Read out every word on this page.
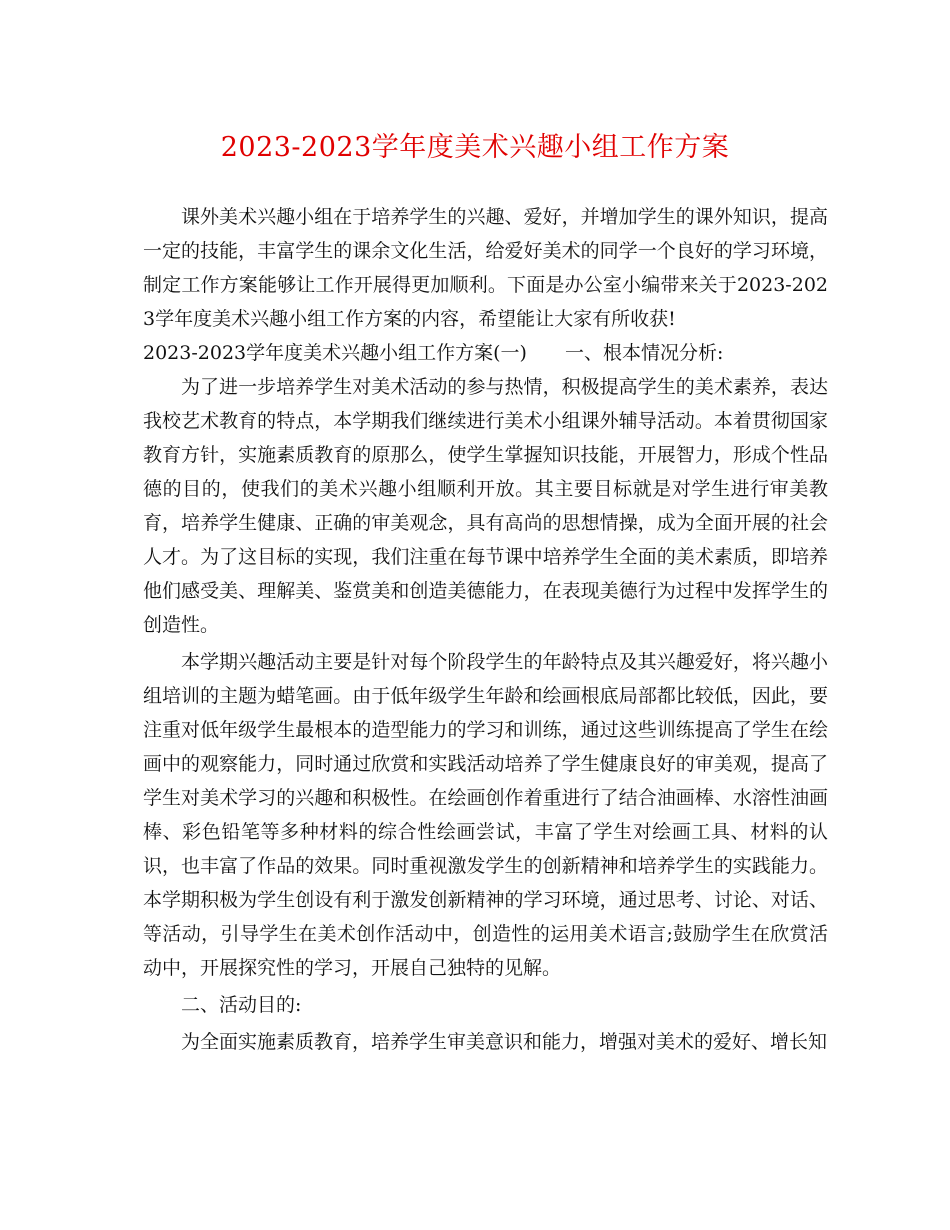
2023-2023学年度美术兴趣小组工作方案

课外美术兴趣小组在于培养学生的兴趣、爱好，并增加学生的课外知识，提高一定的技能，丰富学生的课余文化生活，给爱好美术的同学一个良好的学习环境，制定工作方案能够让工作开展得更加顺利。下面是办公室小编带来关于2023-2023学年度美术兴趣小组工作方案的内容，希望能让大家有所收获!

2023-2023学年度美术兴趣小组工作方案(一) 一、根本情况分析:

为了进一步培养学生对美术活动的参与热情，积极提高学生的美术素养，表达我校艺术教育的特点，本学期我们继续进行美术小组课外辅导活动。本着贯彻国家教育方针，实施素质教育的原那么，使学生掌握知识技能，开展智力，形成个性品德的目的，使我们的美术兴趣小组顺利开放。其主要目标就是对学生进行审美教育，培养学生健康、正确的审美观念，具有高尚的思想情操，成为全面开展的社会人才。为了这目标的实现，我们注重在每节课中培养学生全面的美术素质，即培养他们感受美、理解美、鉴赏美和创造美德能力，在表现美德行为过程中发挥学生的创造性。

本学期兴趣活动主要是针对每个阶段学生的年龄特点及其兴趣爱好，将兴趣小组培训的主题为蜡笔画。由于低年级学生年龄和绘画根底局部都比较低，因此，要注重对低年级学生最根本的造型能力的学习和训练，通过这些训练提高了学生在绘画中的观察能力，同时通过欣赏和实践活动培养了学生健康良好的审美观，提高了学生对美术学习的兴趣和积极性。在绘画创作着重进行了结合油画棒、水溶性油画棒、彩色铅笔等多种材料的综合性绘画尝试，丰富了学生对绘画工具、材料的认识，也丰富了作品的效果。同时重视激发学生的创新精神和培养学生的实践能力。本学期积极为学生创设有利于激发创新精神的学习环境，通过思考、讨论、对话、等活动，引导学生在美术创作活动中，创造性的运用美术语言;鼓励学生在欣赏活动中，开展探究性的学习，开展自己独特的见解。

二、活动目的:

为全面实施素质教育，培养学生审美意识和能力，增强对美术的爱好、增长知
